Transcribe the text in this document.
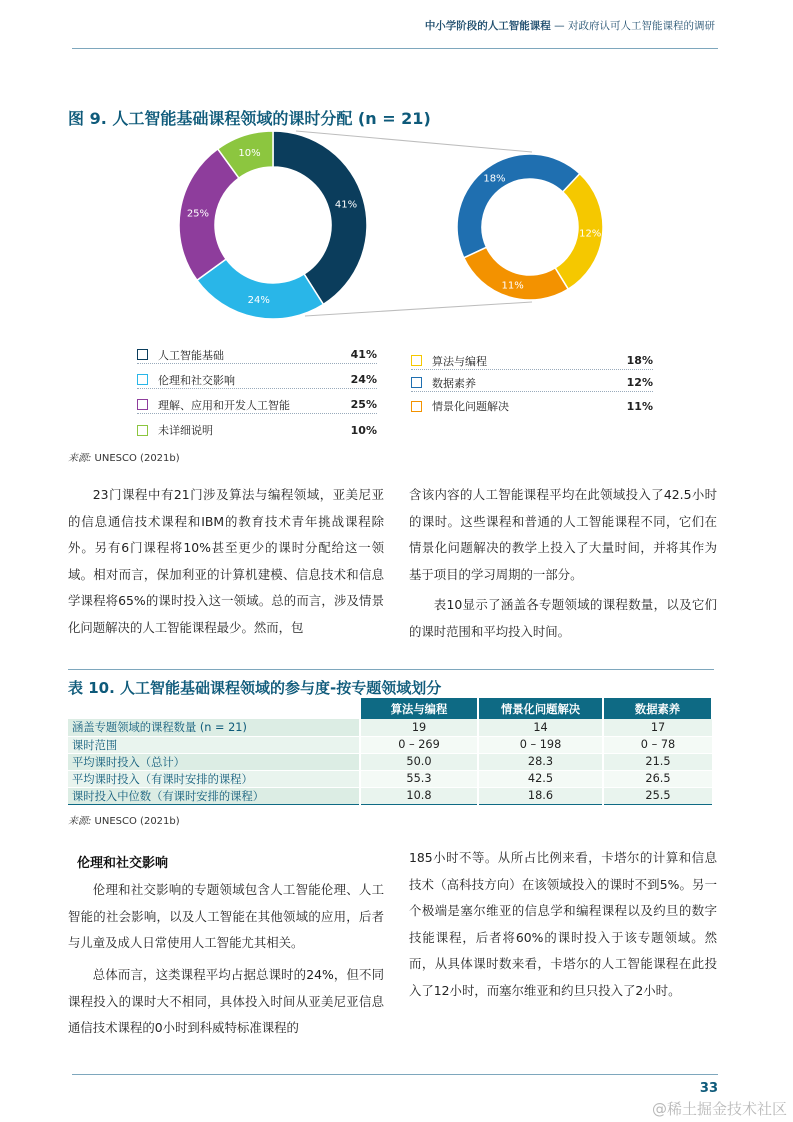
中小学阶段的人工智能课程 — 对政府认可人工智能课程的调研
图 9. 人工智能基础课程领域的课时分配 (n = 21)
41%
24%
25%
10%
18%
12%
11%
人工智能基础	41%
伦理和社交影响	24%
理解、应用和开发人工智能	25%
未详细说明	10%
算法与编程	18%
数据素养	12%
情景化问题解决	11%
来源: UNESCO (2021b)
23门课程中有21门涉及算法与编程领域，亚美尼亚的信息通信技术课程和IBM的教育技术青年挑战课程除外。另有6门课程将10%甚至更少的课时分配给这一领域。相对而言，保加利亚的计算机建模、信息技术和信息学课程将65%的课时投入这一领域。总的而言，涉及情景化问题解决的人工智能课程最少。然而，包
含该内容的人工智能课程平均在此领域投入了42.5小时的课时。这些课程和普通的人工智能课程不同，它们在情景化问题解决的教学上投入了大量时间，并将其作为基于项目的学习周期的一部分。
表10显示了涵盖各专题领域的课程数量，以及它们的课时范围和平均投入时间。
表 10. 人工智能基础课程领域的参与度-按专题领域划分
	算法与编程	情景化问题解决	数据素养
涵盖专题领域的课程数量 (n = 21)	19	14	17
课时范围	0 – 269	0 – 198	0 – 78
平均课时投入（总计）	50.0	28.3	21.5
平均课时投入（有课时安排的课程）	55.3	42.5	26.5
课时投入中位数（有课时安排的课程）	10.8	18.6	25.5
来源: UNESCO (2021b)
伦理和社交影响
伦理和社交影响的专题领域包含人工智能伦理、人工智能的社会影响，以及人工智能在其他领域的应用，后者与儿童及成人日常使用人工智能尤其相关。
总体而言，这类课程平均占据总课时的24%，但不同课程投入的课时大不相同，具体投入时间从亚美尼亚信息通信技术课程的0小时到科威特标准课程的
185小时不等。从所占比例来看，卡塔尔的计算和信息技术（高科技方向）在该领域投入的课时不到5%。另一个极端是塞尔维亚的信息学和编程课程以及约旦的数字技能课程，后者将60%的课时投入于该专题领域。然而，从具体课时数来看，卡塔尔的人工智能课程在此投入了12小时，而塞尔维亚和约旦只投入了2小时。
33
@稀土掘金技术社区
